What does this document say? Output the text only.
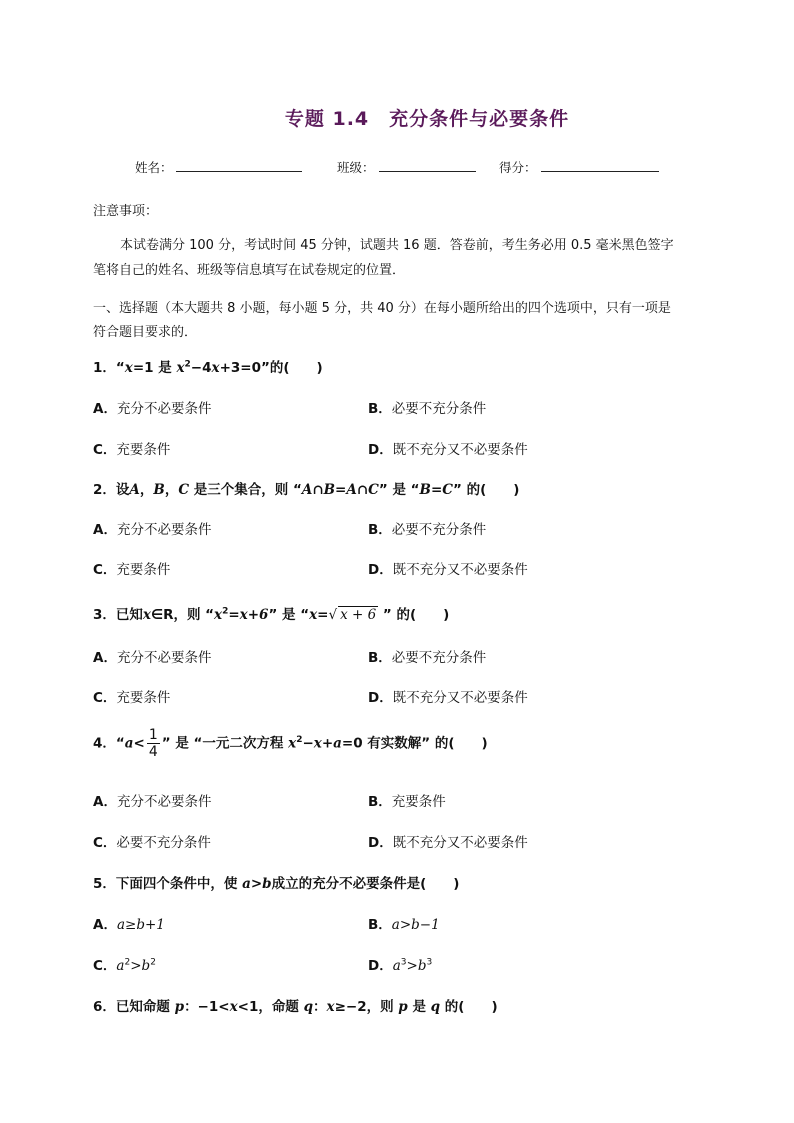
专题 1.4　充分条件与必要条件
姓名：	班级：	得分：
注意事项：
本试卷满分 100 分，考试时间 45 分钟，试题共 16 题．答卷前，考生务必用 0.5 毫米黑色签字
笔将自己的姓名、班级等信息填写在试卷规定的位置．
一、选择题（本大题共 8 小题，每小题 5 分，共 40 分）在每小题所给出的四个选项中，只有一项是
符合题目要求的．
1．“x=1 是 $x^2-4x+3=0$”的(　　)
A．充分不必要条件	B．必要不充分条件
C．充要条件	D．既不充分又不必要条件
2．设A，B，C 是三个集合，则 “A∩B=A∩C” 是 “B=C” 的(　　)
A．充分不必要条件	B．必要不充分条件
C．充要条件	D．既不充分又不必要条件
3．已知x∈R，则 “$x^2=x+6$” 是 “x=√ x + 6 ” 的(　　)
A．充分不必要条件	B．必要不充分条件
C．充要条件	D．既不充分又不必要条件
4．“$a< \frac{1}{4}$ ” 是 “一元二次方程 $x^2-x+a=0$ 有实数解” 的(　　)
A．充分不必要条件	B．充要条件
C．必要不充分条件	D．既不充分又不必要条件
5．下面四个条件中，使 a>b成立的充分不必要条件是(　　)
A．a≥b+1	B．a>b−1
C．$a^2>b^2$	D．$a^3>b^3$
6．已知命题 p：−1<x<1，命题 q：x≥−2，则 p 是 q 的(　　)
